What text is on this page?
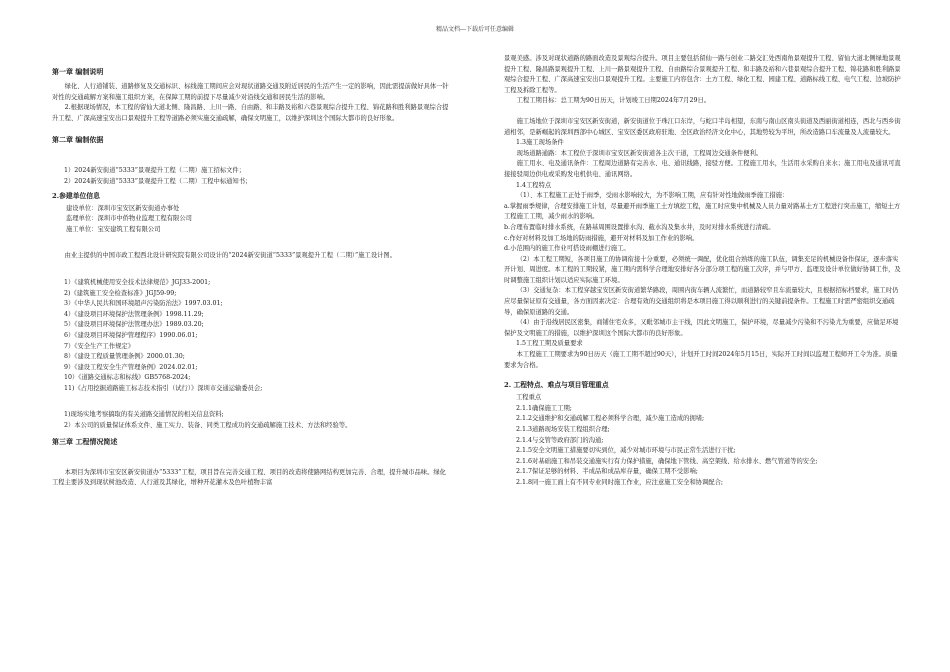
精品文档---下载后可任意编辑
第一章 编制说明

绿化、人行道铺装、道路修复及交通标识、标线施工期间应会对现状道路交通及附近居民的生活产生一定的影响，因此需提前做好具体一针对性的交通疏解方案和施工组织方案，在保障工期的前提下尽量减少对沿线交通和居民生活的影响。

2.根据现场情况，本工程的留仙大道北侧、隆昌路、上川一路、自由路、和丰路及裕和六巷景观综合提升工程、锦花路和胜利路景观综合提升工程、广深高速宝安出口景观提升工程等道路必须实施交通疏解，确保文明施工，以维护深圳这个国际大都市的良好形象。

第二章 编制依据
1）2024新安街道“5333”景观提升工程（二期）施工招标文件；
2）2024新安街道“5333”景观提升工程（二期）工程中标通知书；
2.参建单位信息
建设单位：深圳市宝安区新安街道办事处
监理单位：深圳市中侨物业监理工程有限公司
施工单位：宝安建筑工程有限公司

由业主提供的中国市政工程西北设计研究院有限公司设计的“2024新安街道“5333”景观提升工程（二期）”施工设计图。

1）《建筑机械使用安全技术法律规范》JGJ33-2001;
2)《建筑施工安全检查标准》JGJ59-99;
3）《中华人民共和国环境超声污染防治法》1997.03.01;
4）《建设项目环境保护法管理条例》1998.11.29;
5）《建设项目环境保护法管理办法》1989.03.20;
6）《建设项目环境保护管理程序》1990.06.01;
7）《安全生产工作规定》
8）《建设工程质量管理条例》2000.01.30;
9）《建设工程安全生产管理条例》2024.02.01;
10）《道路交通标志和标线》GB5768-2024;
11)《占用挖掘道路施工标志技术指引（试行）》深圳市交通运输委员会;
1)现场实地考察搞取的有关道路交通情况的相关信息资料;
2）本公司的质量保证体系文件、施工实力、装备、同类工程成功的交通疏解施工技术、方法和经验等。
第三章 工程情况简述

本项目为深圳市宝安区新安街道办“5333”工程，项目旨在完善交通工程、项目的改造将使路网结构更加完善、合理，提升城市品味。绿化工程主要涉及到现状树池改造、人行道及其绿化，增种开花灌木及色叶植物丰富

景观美感。涉及对现状道路的路面改造及景观综合提升。项目主要包括留仙一路与创业二路交汇处西南角景观提升工程、留仙大道北侧绿地景观提升工程、隆昌路景观提升工程、上川一路景观提升工程、自由路综合景观提升工程、和丰路及裕和六巷景观综合提升工程、锦花路和胜利路景观综合提升工程、广深高速宝安出口景观提升工程。主要施工内容包含：土方工程、绿化工程、园建工程、道路标线工程、电气工程、边坡防护工程及拆除工程等。

工程工期目标：总工期为90日历天，计划竣工日期2024年7月29日。

施工场地位于深圳市宝安区新安街道，新安街道位于珠江口东岸，与蛇口半岛相望，东南与南山区南头街道及西丽街道相连，西北与西乡街道相邻，是新崛起的深圳西部中心城区、宝安区委区政府驻地、全区政治经济文化中心，其地势较为平坦，所改造路口车流量及人流量较大。

1.3施工现场条件

现场道路通路：本工程位于深圳市宝安区新安街道各主次干道，工程周边交通条件便利。

施工用水、电及通讯条件：工程周边道路有完善水、电、通讯线路，接驳方便。工程施工用水，生活用水采购自来水；施工用电及通讯可直接接驳周边供电或采购发电机供电、通讯网络。

1.4工程特点

（1）、本工程施工正处于雨季，受雨水影响较大，为不影响工期，应有针对性地做雨季施工措施：

a.掌握雨季规律，合理安排施工计划，尽量避开雨季施工土方填挖工程，施工时应集中机械及人员力量对路基土方工程进行突击施工，缩短土方工程施工工期，减少雨水的影响。

b.合理布置临时排水系统，在路基周围设置排水沟、截水沟及集水井，及时对排水系统进行清疏。

c.作好对材料及加工场地的防雨措施，避开对材料及加工作业的影响。

d.小范围内的施工作业可搭设雨棚进行施工。

（2）本工程工期短，各项目施工的协调衔接十分重要，必须统一调配，优化组合熟练的施工队伍，调集充足的机械设备作保证，逐步落实开计划、周进度。本工程的工期较紧，施工期内需科学合理地安排好各分部分项工程的施工次序，并与甲方、监理及设计单位做好协调工作，及时调整施工组织计划以适应实际施工环境。

（3）交通复杂：本工程穿越宝安区新安街道繁华路段，周围内街车辆人流繁忙，而道路较窄且车流量较大，且根据招标档要求，施工时仍应尽量保证原有交通量，各方面因素决定：合理有效的交通组织将是本项目施工得以顺利进行的关键前提条件。工程施工时需严密组织交通疏导，确保原道路的交通。

（4）由于沿线居民区密集，商铺住宅众多，又毗邻城市主干线，因此文明施工，保护环境，尽量减少污染和不污染尤为重要，应做足环境保护及文明施工的措施，以维护深圳这个国际大都市的良好形象。

1.5工程工期及质量要求

本工程施工工期要求为90日历天（施工工期不超过90天），计划开工时间2024年5月15日，实际开工时间以监理工程师开工令为准。质量要求为合格。

2. 工程特点、难点与项目管理重点
工程重点
2.1.1确保施工工期;
2.1.2交通维护和交通疏解工程必须科学合理，减少施工造成的拥堵;
2.1.3道路现场安装工程组织合理;
2.1.4与交管等政府部门的沟通;
2.1.5安全文明施工措施要切实到位，减少对城市环境与市民正常生活进行干扰;
2.1.6对基础施工和吊装交通施实行有力保护措施，确保地下管线、高空架线、给水排水、燃气管道等的安全;
2.1.7保证足够的材料、半成品和成品库存量，确保工期不受影响;
2.1.8同一施工面上有不同专业同时施工作业，应注意施工安全和协调配合;
